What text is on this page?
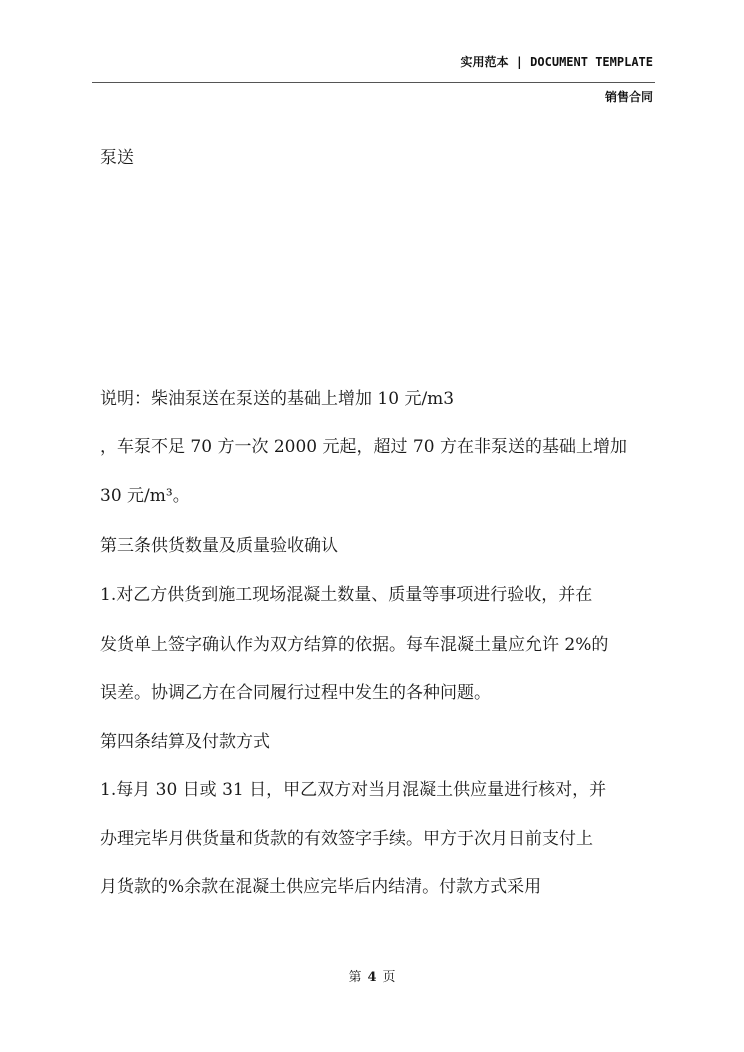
实用范本 | DOCUMENT TEMPLATE
销售合同
泵送
说明：柴油泵送在泵送的基础上增加 10 元/m3
，车泵不足 70 方一次 2000 元起，超过 70 方在非泵送的基础上增加
30 元/m³。
第三条供货数量及质量验收确认
1.对乙方供货到施工现场混凝土数量、质量等事项进行验收，并在
发货单上签字确认作为双方结算的依据。每车混凝土量应允许 2%的
误差。协调乙方在合同履行过程中发生的各种问题。
第四条结算及付款方式
1.每月 30 日或 31 日，甲乙双方对当月混凝土供应量进行核对，并
办理完毕月供货量和货款的有效签字手续。甲方于次月日前支付上
月货款的%余款在混凝土供应完毕后内结清。付款方式采用
第 4 页
